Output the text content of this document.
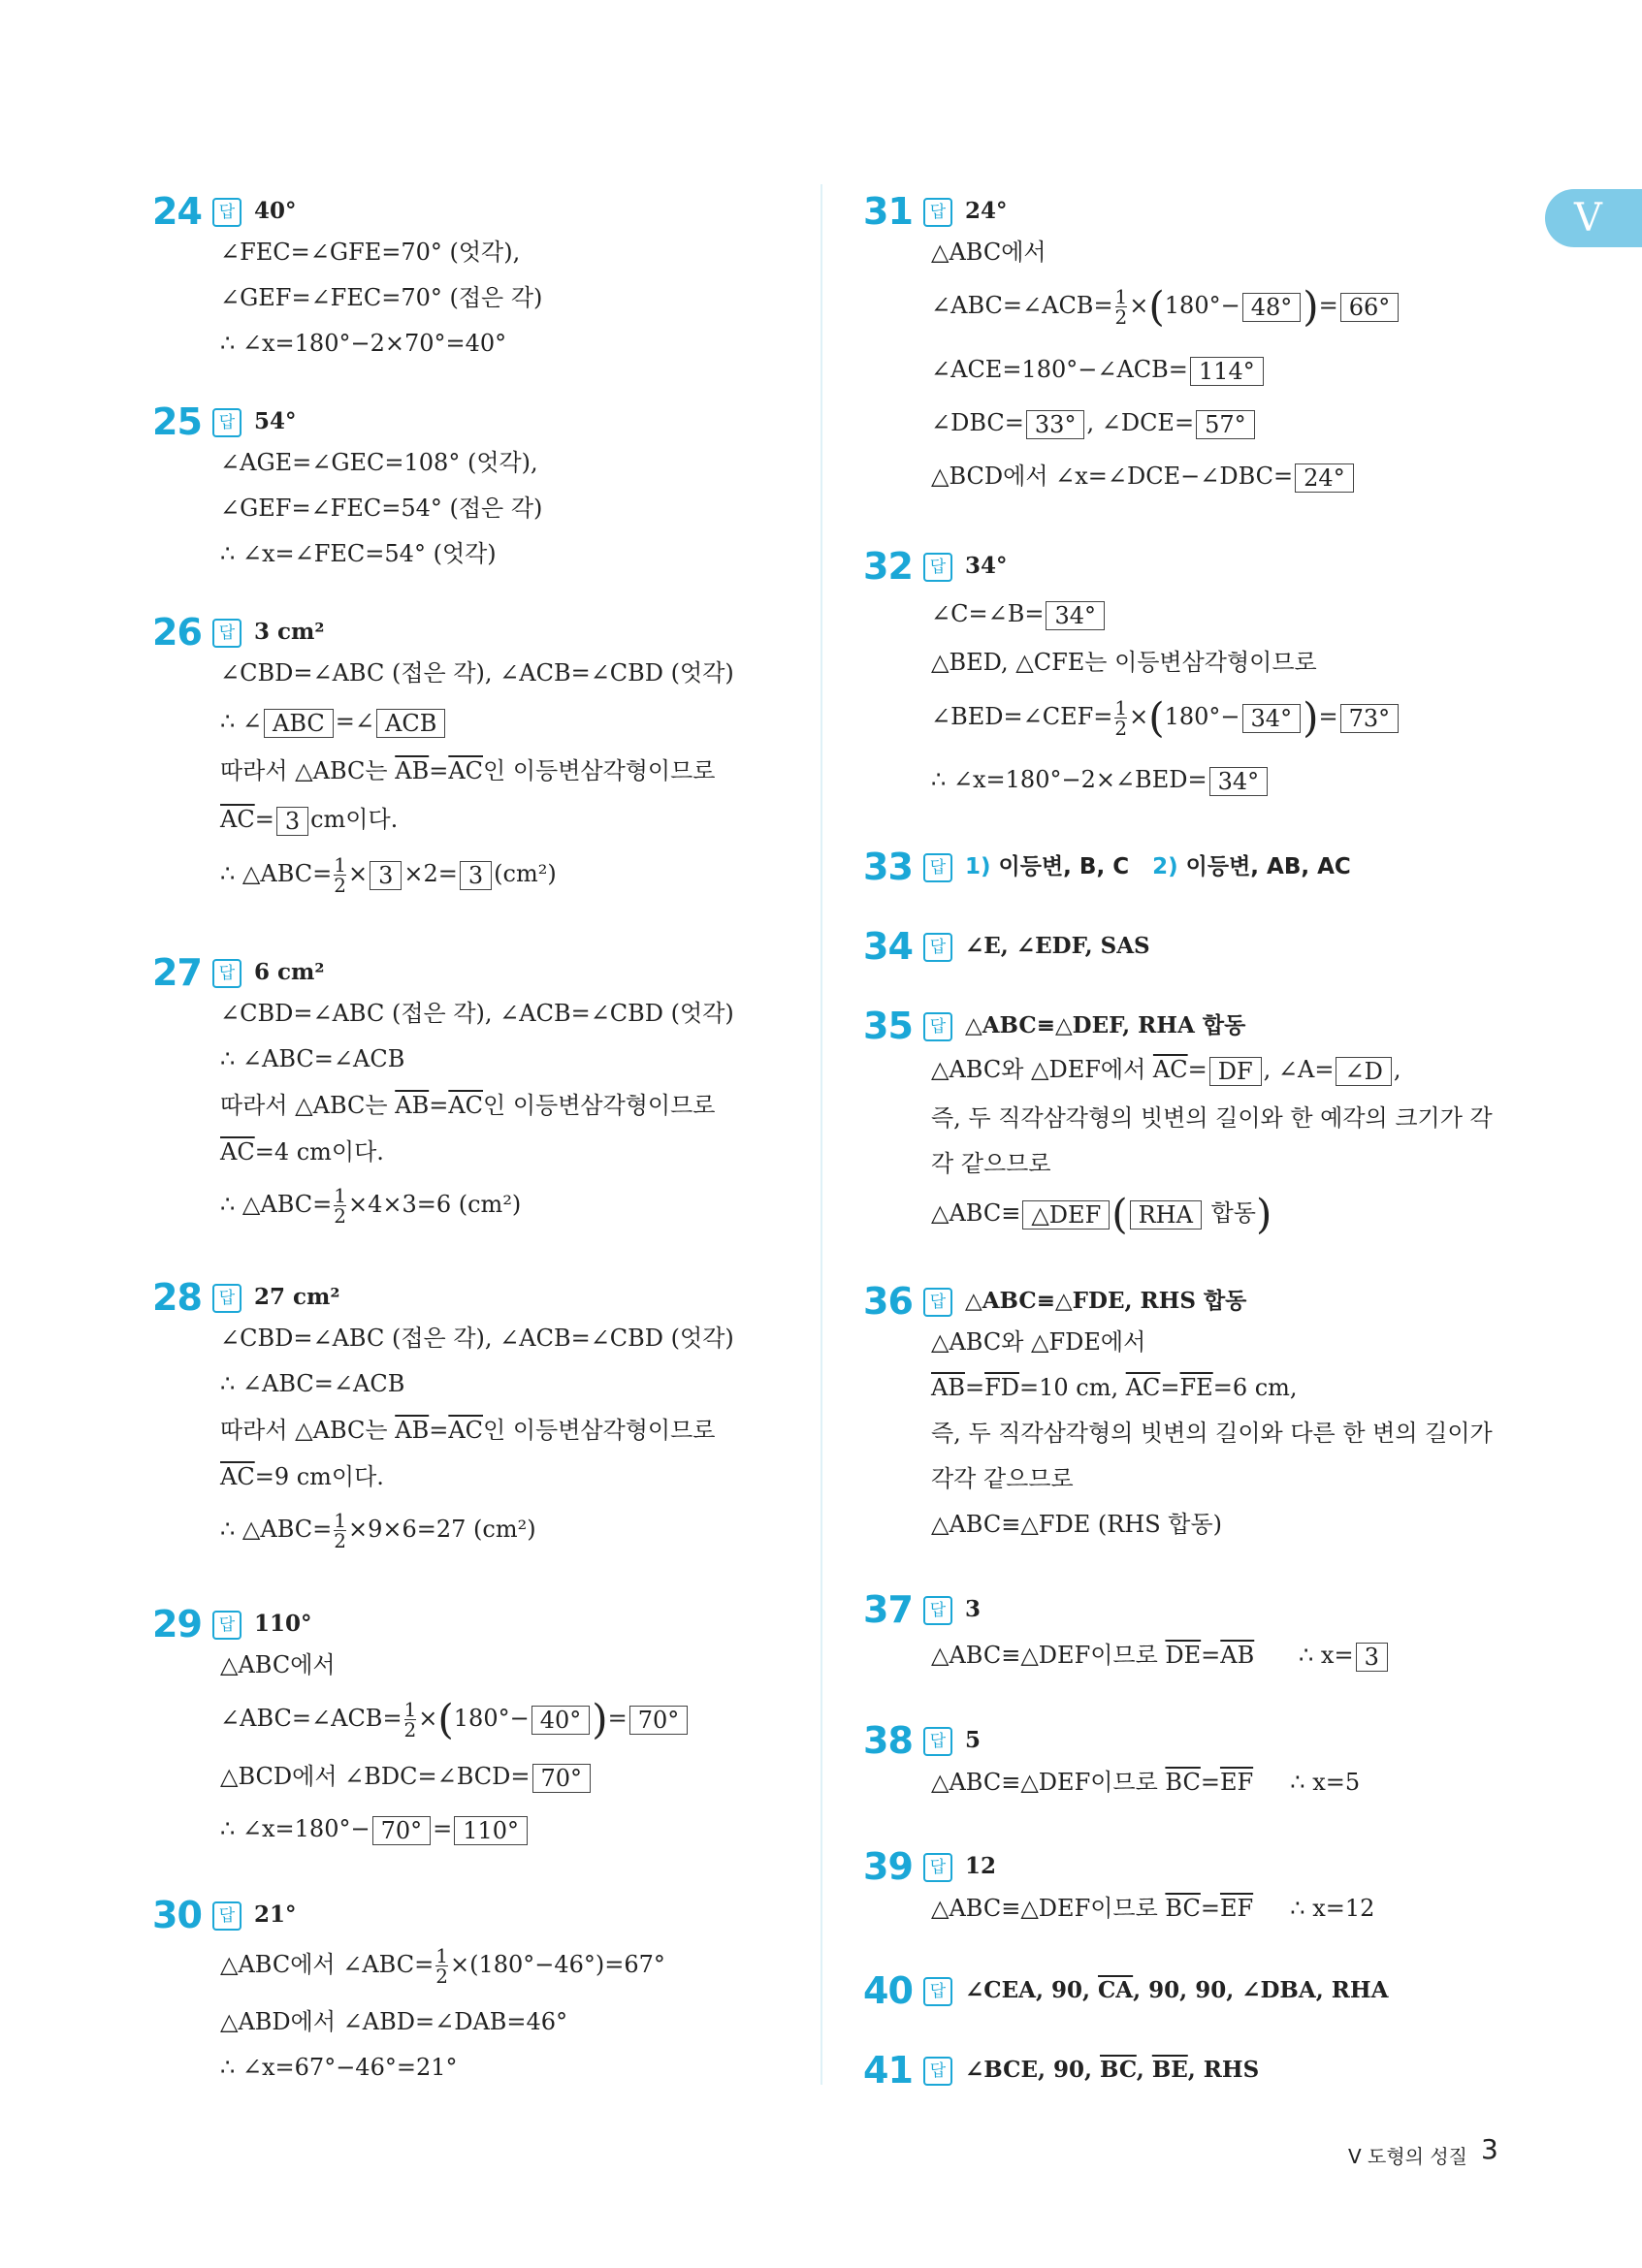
V
24	답 40°
∠FEC=∠GFE=70° (엇각),
∠GEF=∠FEC=70° (접은 각)
∴ ∠x=180°−2×70°=40°
25	답 54°
∠AGE=∠GEC=108° (엇각),
∠GEF=∠FEC=54° (접은 각)
∴ ∠x=∠FEC=54° (엇각)
26	답 3 cm²
∠CBD=∠ABC (접은 각), ∠ACB=∠CBD (엇각)
∴ ∠ ABC =∠ ACB
따라서 △ABC는 $\overline{AB}=\overline{AC}$인 이등변삼각형이므로
$\overline{AC}= 3$ cm이다.
∴ △ABC= $\frac{1}{2} \times 3 \times 2= 3$ (cm²)
27	답 6 cm²
∠CBD=∠ABC (접은 각), ∠ACB=∠CBD (엇각)
∴ ∠ABC=∠ACB
따라서 △ABC는 $\overline{AB}=\overline{AC}$인 이등변삼각형이므로
$\overline{AC}=4$ cm이다.
∴ △ABC= $\frac{1}{2} \times 4\times 3=6$ (cm²)
28	답 27 cm²
∠CBD=∠ABC (접은 각), ∠ACB=∠CBD (엇각)
∴ ∠ABC=∠ACB
따라서 △ABC는 $\overline{AB}=\overline{AC}$인 이등변삼각형이므로
$\overline{AC}=9$ cm이다.
∴ △ABC= $\frac{1}{2} \times 9\times 6=27$ (cm²)
29	답 110°
△ABC에서
∠ABC=∠ACB= $\frac{1}{2} \times(180^\circ- 40^\circ$ )= 70°
△BCD에서 ∠BDC=∠BCD= 70°
∴ ∠x=180°− 70° = 110°
30	답 21°
△ABC에서 ∠ABC= $\frac{1}{2} \times(180^\circ-46^\circ)=67^\circ$
△ABD에서 ∠ABD=∠DAB=46°
∴ ∠x=67°−46°=21°
31	답 24°
△ABC에서
∠ABC=∠ACB= $\frac{1}{2} \times(180^\circ- 48^\circ$ )= 66°
∠ACE=180°−∠ACB= 114°
∠DBC= 33° , ∠DCE= 57°
△BCD에서 ∠x=∠DCE−∠DBC= 24°
32	답 34°
∠C=∠B= 34°
△BED, △CFE는 이등변삼각형이므로
∠BED=∠CEF= $\frac{1}{2} \times(180^\circ- 34^\circ$ )= 73°
∴ ∠x=180°−2×∠BED= 34°
33	답 1) 이등변, B, C 2) 이등변, AB, AC
34	답 ∠E, ∠EDF, SAS
35	답 △ABC≡△DEF, RHA 합동
△ABC와 △DEF에서 $\overline{AC}=$ DF , ∠A= ∠D ,
즉, 두 직각삼각형의 빗변의 길이와 한 예각의 크기가 각
각 같으므로
△ABC≡ △DEF ( RHA 합동)
36	답 △ABC≡△FDE, RHS 합동
△ABC와 △FDE에서
$\overline{AB}=\overline{FD}=10$ cm, $\overline{AC}=\overline{FE}=6$ cm,
즉, 두 직각삼각형의 빗변의 길이와 다른 한 변의 길이가
각각 같으므로
△ABC≡△FDE (RHS 합동)
37	답 3
△ABC≡△DEF이므로 $\overline{DE}=\overline{AB}$ ∴ x= 3
38	답 5
△ABC≡△DEF이므로 $\overline{BC}=\overline{EF}$ ∴ x=5
39	답 12
△ABC≡△DEF이므로 $\overline{BC}=\overline{EF}$ ∴ x=12
40	답 ∠CEA, 90, $\overline{CA}$, 90, 90, ∠DBA, RHA
41	답 ∠BCE, 90, $\overline{BC}$, $\overline{BE}$, RHS
V 도형의 성질 3
